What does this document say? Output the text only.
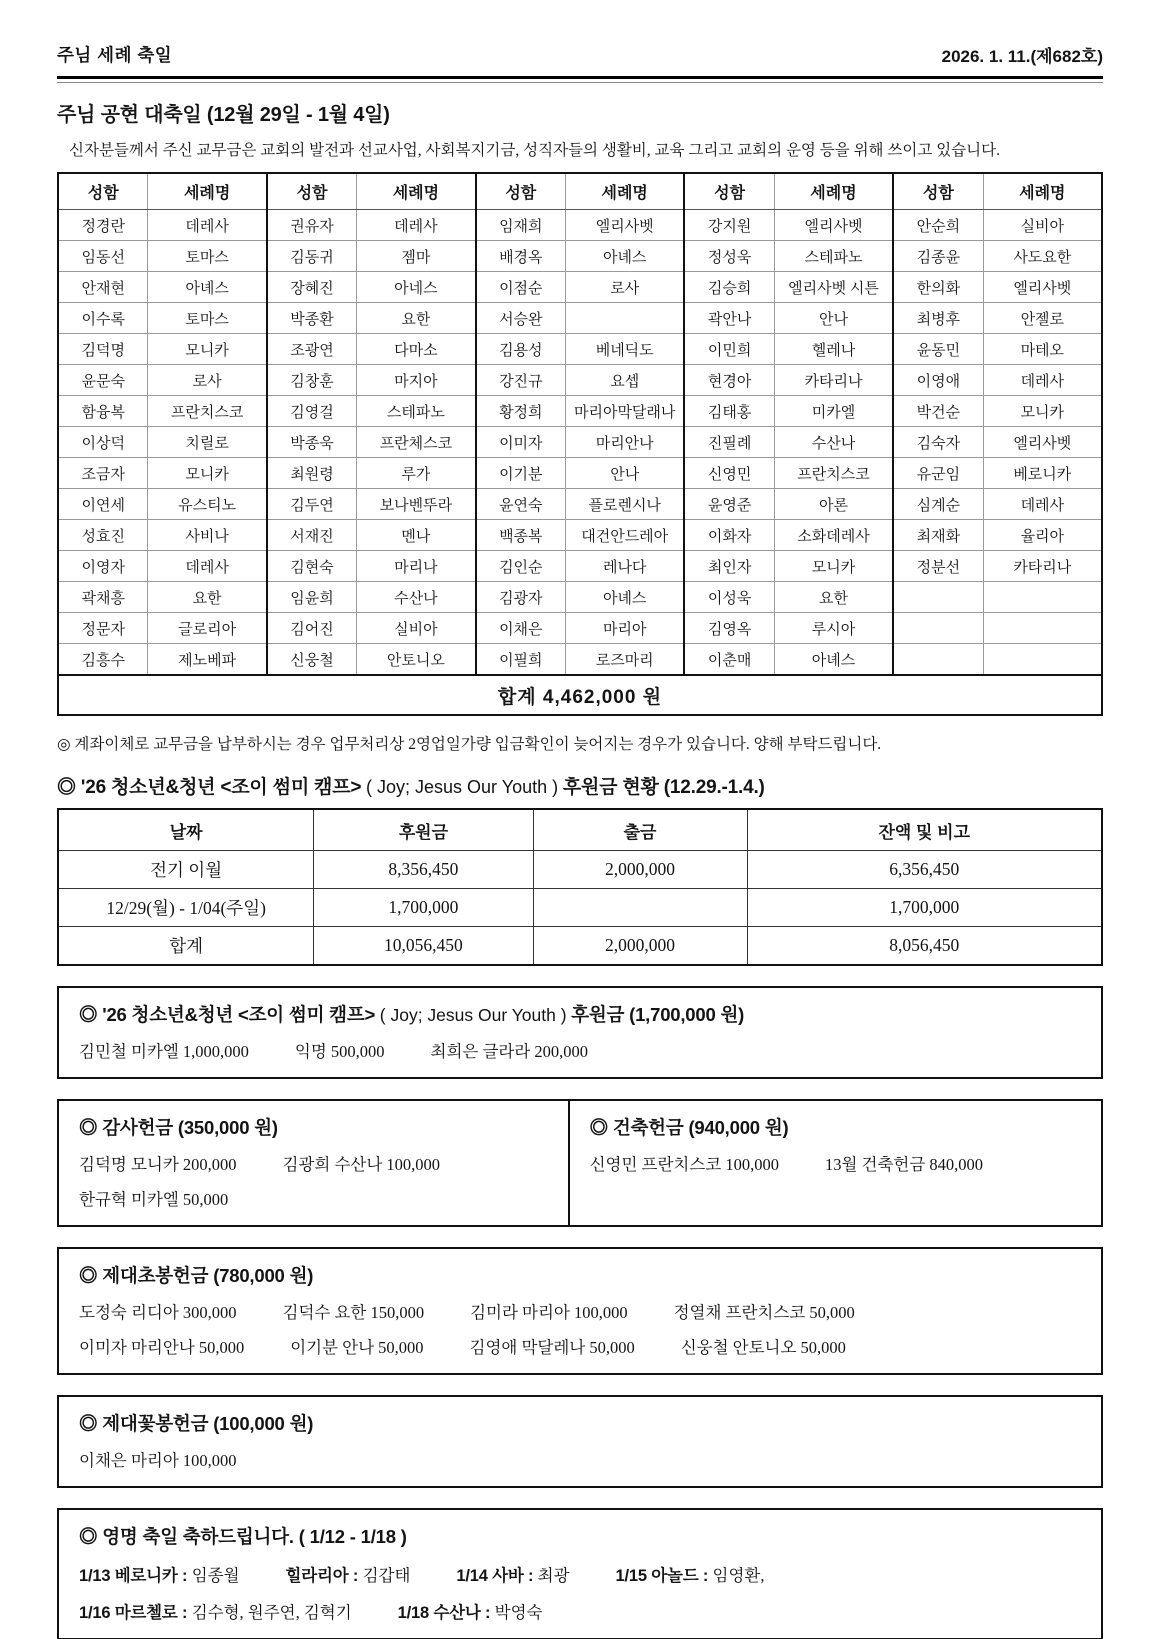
주님 세례 축일	2026. 1. 11.(제682호)
주님 공현 대축일 (12월 29일 - 1월 4일)

신자분들께서 주신 교무금은 교회의 발전과 선교사업, 사회복지기금, 성직자들의 생활비, 교육 그리고 교회의 운영 등을 위해 쓰이고 있습니다.

성함	세례명	성함	세례명	성함	세례명	성함	세례명	성함	세례명
정경란	데레사	권유자	데레사	임재희	엘리사벳	강지원	엘리사벳	안순희	실비아
임동선	토마스	김동귀	젬마	배경옥	아녜스	정성욱	스테파노	김종윤	사도요한
안재현	아녜스	장혜진	아네스	이점순	로사	김승희	엘리사벳 시튼	한의화	엘리사벳
이수록	토마스	박종환	요한	서승완		곽안나	안나	최병후	안젤로
김덕명	모니카	조광연	다마소	김용성	베네딕도	이민희	헬레나	윤동민	마테오
윤문숙	로사	김창훈	마지아	강진규	요셉	현경아	카타리나	이영애	데레사
함융복	프란치스코	김영걸	스테파노	황정희	마리아막달래나	김태홍	미카엘	박건순	모니카
이상덕	치릴로	박종욱	프란체스코	이미자	마리안나	진필례	수산나	김숙자	엘리사벳
조금자	모니카	최원령	루가	이기분	안나	신영민	프란치스코	유군임	베로니카
이연세	유스티노	김두연	보나벤뚜라	윤연숙	플로렌시나	윤영준	아론	심계순	데레사
성효진	사비나	서재진	멘나	백종복	대건안드레아	이화자	소화데레사	최재화	율리아
이영자	데레사	김현숙	마리나	김인순	레나다	최인자	모니카	정분선	카타리나
곽채흥	요한	임윤희	수산나	김광자	아녜스	이성욱	요한		
정문자	글로리아	김어진	실비아	이채은	마리아	김영옥	루시아		
김흥수	제노베파	신웅철	안토니오	이필희	로즈마리	이춘매	아녜스		
합계 4,462,000 원									

◎ 계좌이체로 교무금을 납부하시는 경우 업무처리상 2영업일가량 입금확인이 늦어지는 경우가 있습니다. 양해 부탁드립니다.

◎ '26 청소년&청년 <조이 썸미 캠프> ( Joy; Jesus Our Youth ) 후원금 현황 (12.29.-1.4.)
날짜	후원금	출금	잔액 및 비고
전기 이월	8,356,450	2,000,000	6,356,450
12/29(월) - 1/04(주일)	1,700,000		1,700,000
합계	10,056,450	2,000,000	8,056,450
◎ '26 청소년&청년 <조이 썸미 캠프> ( Joy; Jesus Our Youth ) 후원금 (1,700,000 원)
김민철 미카엘 1,000,000	익명 500,000	최희은 글라라 200,000
◎ 감사헌금 (350,000 원)
김덕명 모니카 200,000	김광희 수산나 100,000
한규혁 미카엘 50,000
◎ 건축헌금 (940,000 원)
신영민 프란치스코 100,000	13월 건축헌금 840,000
◎ 제대초봉헌금 (780,000 원)
도정숙 리디아 300,000	김덕수 요한 150,000	김미라 마리아 100,000	정열채 프란치스코 50,000
이미자 마리안나 50,000	이기분 안나 50,000	김영애 막달레나 50,000	신웅철 안토니오 50,000
◎ 제대꽃봉헌금 (100,000 원)
이채은 마리아 100,000
◎ 영명 축일 축하드립니다. ( 1/12 - 1/18 )
1/13 베로니카 : 임종월	힐라리아 : 김갑태	1/14 사바 : 최광	1/15 아놀드 : 임영환,
1/16 마르첼로 : 김수형, 원주연, 김혁기	1/18 수산나 : 박영숙
